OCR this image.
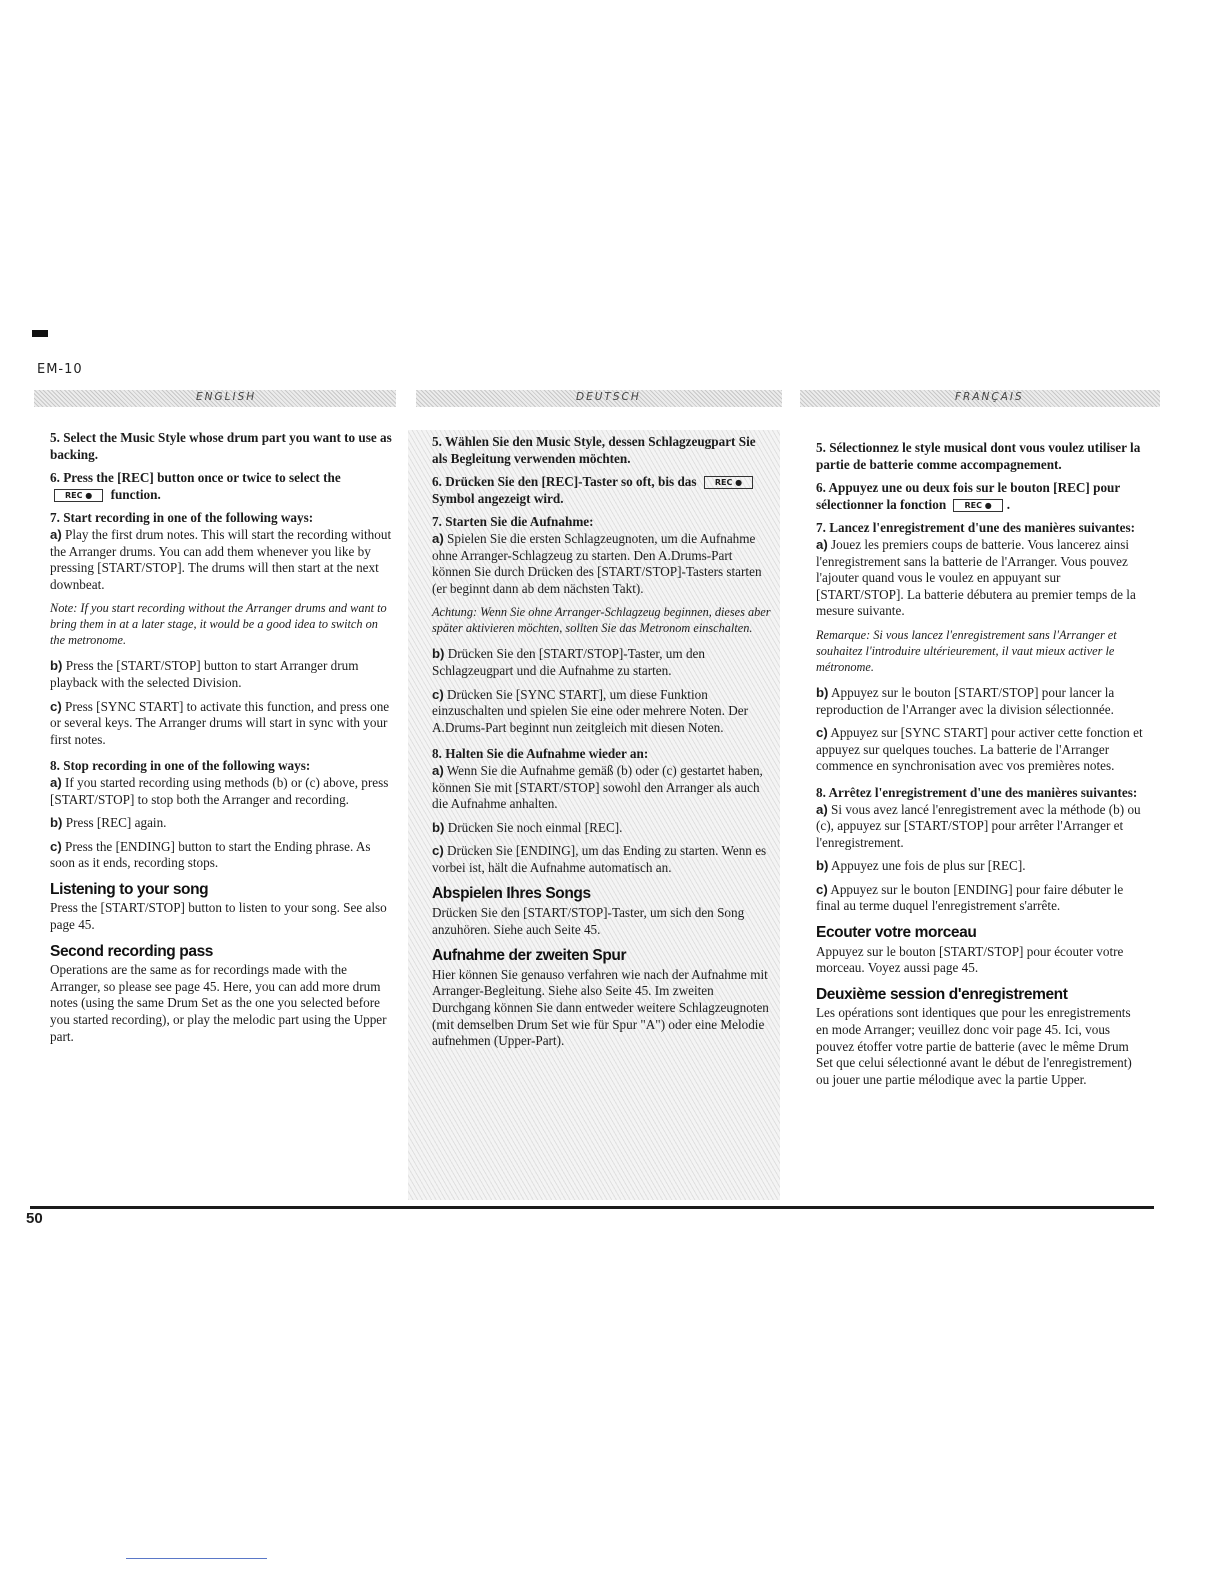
EM-10
ENGLISH	DEUTSCH	FRANÇAIS

5. Select the Music Style whose drum part you want to use as backing.

6. Press the [REC] button once or twice to select the
REC ● function.

7. Start recording in one of the following ways:

a) Play the first drum notes. This will start the recording without the Arranger drums. You can add them whenever you like by pressing [START/STOP]. The drums will then start at the next downbeat.

Note: If you start recording without the Arranger drums and want to bring them in at a later stage, it would be a good idea to switch on the metronome.

b) Press the [START/STOP] button to start Arranger drum playback with the selected Division.

c) Press [SYNC START] to activate this function, and press one or several keys. The Arranger drums will start in sync with your first notes.

8. Stop recording in one of the following ways:

a) If you started recording using methods (b) or (c) above, press [START/STOP] to stop both the Arranger and recording.

b) Press [REC] again.

c) Press the [ENDING] button to start the Ending phrase. As soon as it ends, recording stops.

Listening to your song

Press the [START/STOP] button to listen to your song. See also page 45.

Second recording pass

Operations are the same as for recordings made with the Arranger, so please see page 45. Here, you can add more drum notes (using the same Drum Set as the one you selected before you started recording), or play the melodic part using the Upper part.

5. Wählen Sie den Music Style, dessen Schlagzeugpart Sie als Begleitung verwenden möchten.

6. Drücken Sie den [REC]-Taster so oft, bis das REC ● Symbol angezeigt wird.

7. Starten Sie die Aufnahme:

a) Spielen Sie die ersten Schlagzeugnoten, um die Aufnahme ohne Arranger-Schlagzeug zu starten. Den A.Drums-Part können Sie durch Drücken des [START/STOP]-Tasters starten (er beginnt dann ab dem nächsten Takt).

Achtung: Wenn Sie ohne Arranger-Schlagzeug beginnen, dieses aber später aktivieren möchten, sollten Sie das Metronom einschalten.

b) Drücken Sie den [START/STOP]-Taster, um den Schlagzeugpart und die Aufnahme zu starten.

c) Drücken Sie [SYNC START], um diese Funktion einzuschalten und spielen Sie eine oder mehrere Noten. Der A.Drums-Part beginnt nun zeitgleich mit diesen Noten.

8. Halten Sie die Aufnahme wieder an:

a) Wenn Sie die Aufnahme gemäß (b) oder (c) gestartet haben, können Sie mit [START/STOP] sowohl den Arranger als auch die Aufnahme anhalten.

b) Drücken Sie noch einmal [REC].

c) Drücken Sie [ENDING], um das Ending zu starten. Wenn es vorbei ist, hält die Aufnahme automatisch an.

Abspielen Ihres Songs

Drücken Sie den [START/STOP]-Taster, um sich den Song anzuhören. Siehe auch Seite 45.

Aufnahme der zweiten Spur

Hier können Sie genauso verfahren wie nach der Aufnahme mit Arranger-Begleitung. Siehe also Seite 45. Im zweiten Durchgang können Sie dann entweder weitere Schlagzeugnoten (mit demselben Drum Set wie für Spur "A") oder eine Melodie aufnehmen (Upper-Part).

5. Sélectionnez le style musical dont vous voulez utiliser la partie de batterie comme accompagnement.

6. Appuyez une ou deux fois sur le bouton [REC] pour sélectionner la fonction REC ● .

7. Lancez l'enregistrement d'une des manières suivantes:

a) Jouez les premiers coups de batterie. Vous lancerez ainsi l'enregistrement sans la batterie de l'Arranger. Vous pouvez l'ajouter quand vous le voulez en appuyant sur [START/STOP]. La batterie débutera au premier temps de la mesure suivante.

Remarque: Si vous lancez l'enregistrement sans l'Arranger et souhaitez l'introduire ultérieurement, il vaut mieux activer le métronome.

b) Appuyez sur le bouton [START/STOP] pour lancer la reproduction de l'Arranger avec la division sélectionnée.

c) Appuyez sur [SYNC START] pour activer cette fonction et appuyez sur quelques touches. La batterie de l'Arranger commence en synchronisation avec vos premières notes.

8. Arrêtez l'enregistrement d'une des manières suivantes:

a) Si vous avez lancé l'enregistrement avec la méthode (b) ou (c), appuyez sur [START/STOP] pour arrêter l'Arranger et l'enregistrement.

b) Appuyez une fois de plus sur [REC].

c) Appuyez sur le bouton [ENDING] pour faire débuter le final au terme duquel l'enregistrement s'arrête.

Ecouter votre morceau

Appuyez sur le bouton [START/STOP] pour écouter votre morceau. Voyez aussi page 45.

Deuxième session d'enregistrement

Les opérations sont identiques que pour les enregistrements en mode Arranger; veuillez donc voir page 45. Ici, vous pouvez étoffer votre partie de batterie (avec le même Drum Set que celui sélectionné avant le début de l'enregistrement) ou jouer une partie mélodique avec la partie Upper.

50
